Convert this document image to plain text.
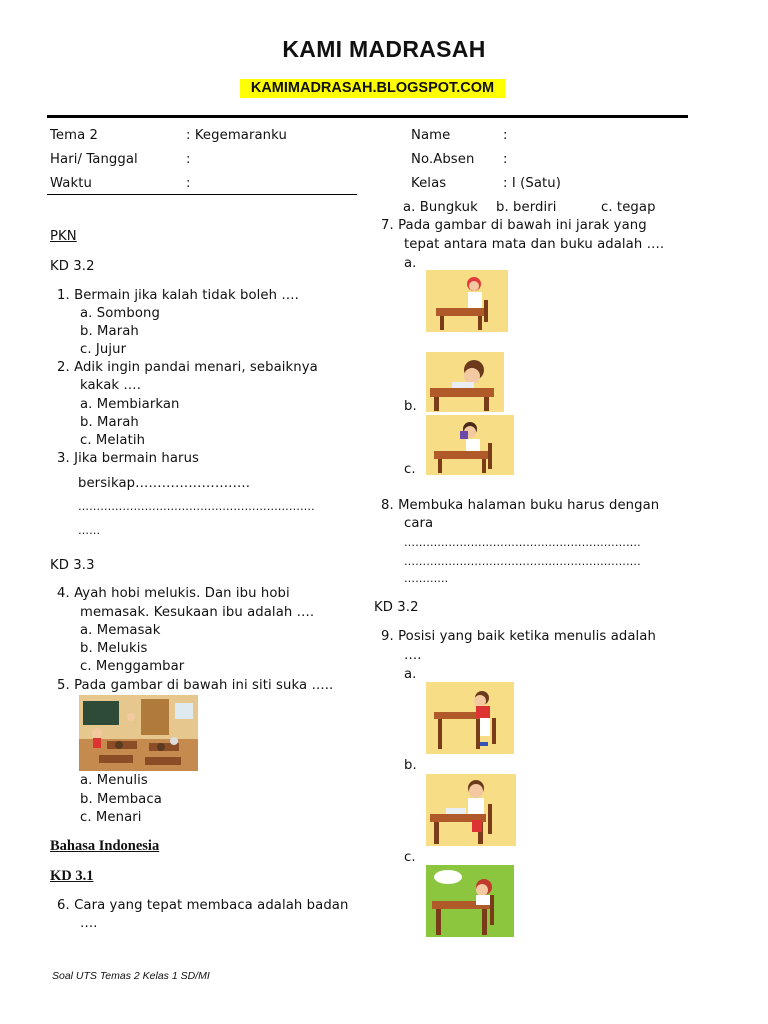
KAMI MADRASAH
KAMIMADRASAH.BLOGSPOT.COM
Tema 2	: Kegemaranku
Hari/ Tanggal	:
Waktu	:
Name	:
No.Absen :
Kelas	: I (Satu)
PKN
KD 3.2
1. Bermain jika kalah tidak boleh ….
a. Sombong
b. Marah
c. Jujur
2. Adik ingin pandai menari, sebaiknya
kakak ….
a. Membiarkan
b. Marah
c. Melatih
3. Jika bermain harus
bersikap……………………..
……………………………………………………….
……
KD 3.3
4. Ayah hobi melukis. Dan ibu hobi
memasak. Kesukaan ibu adalah ….
a. Memasak
b. Melukis
c. Menggambar
5. Pada gambar di bawah ini siti suka …..
a. Menulis
b. Membaca
c. Menari
Bahasa Indonesia
KD 3.1
6. Cara yang tepat membaca adalah badan
….
a. Bungkuk b. berdiri	c. tegap
7. Pada gambar di bawah ini jarak yang
tepat antara mata dan buku adalah ….
a.
b.
c.
8. Membuka halaman buku harus dengan
cara
……………………………………………………….
……………………………………………………….
…………
KD 3.2
9. Posisi yang baik ketika menulis adalah
….
a.
b.
c.
Soal UTS Temas 2 Kelas 1 SD/MI
